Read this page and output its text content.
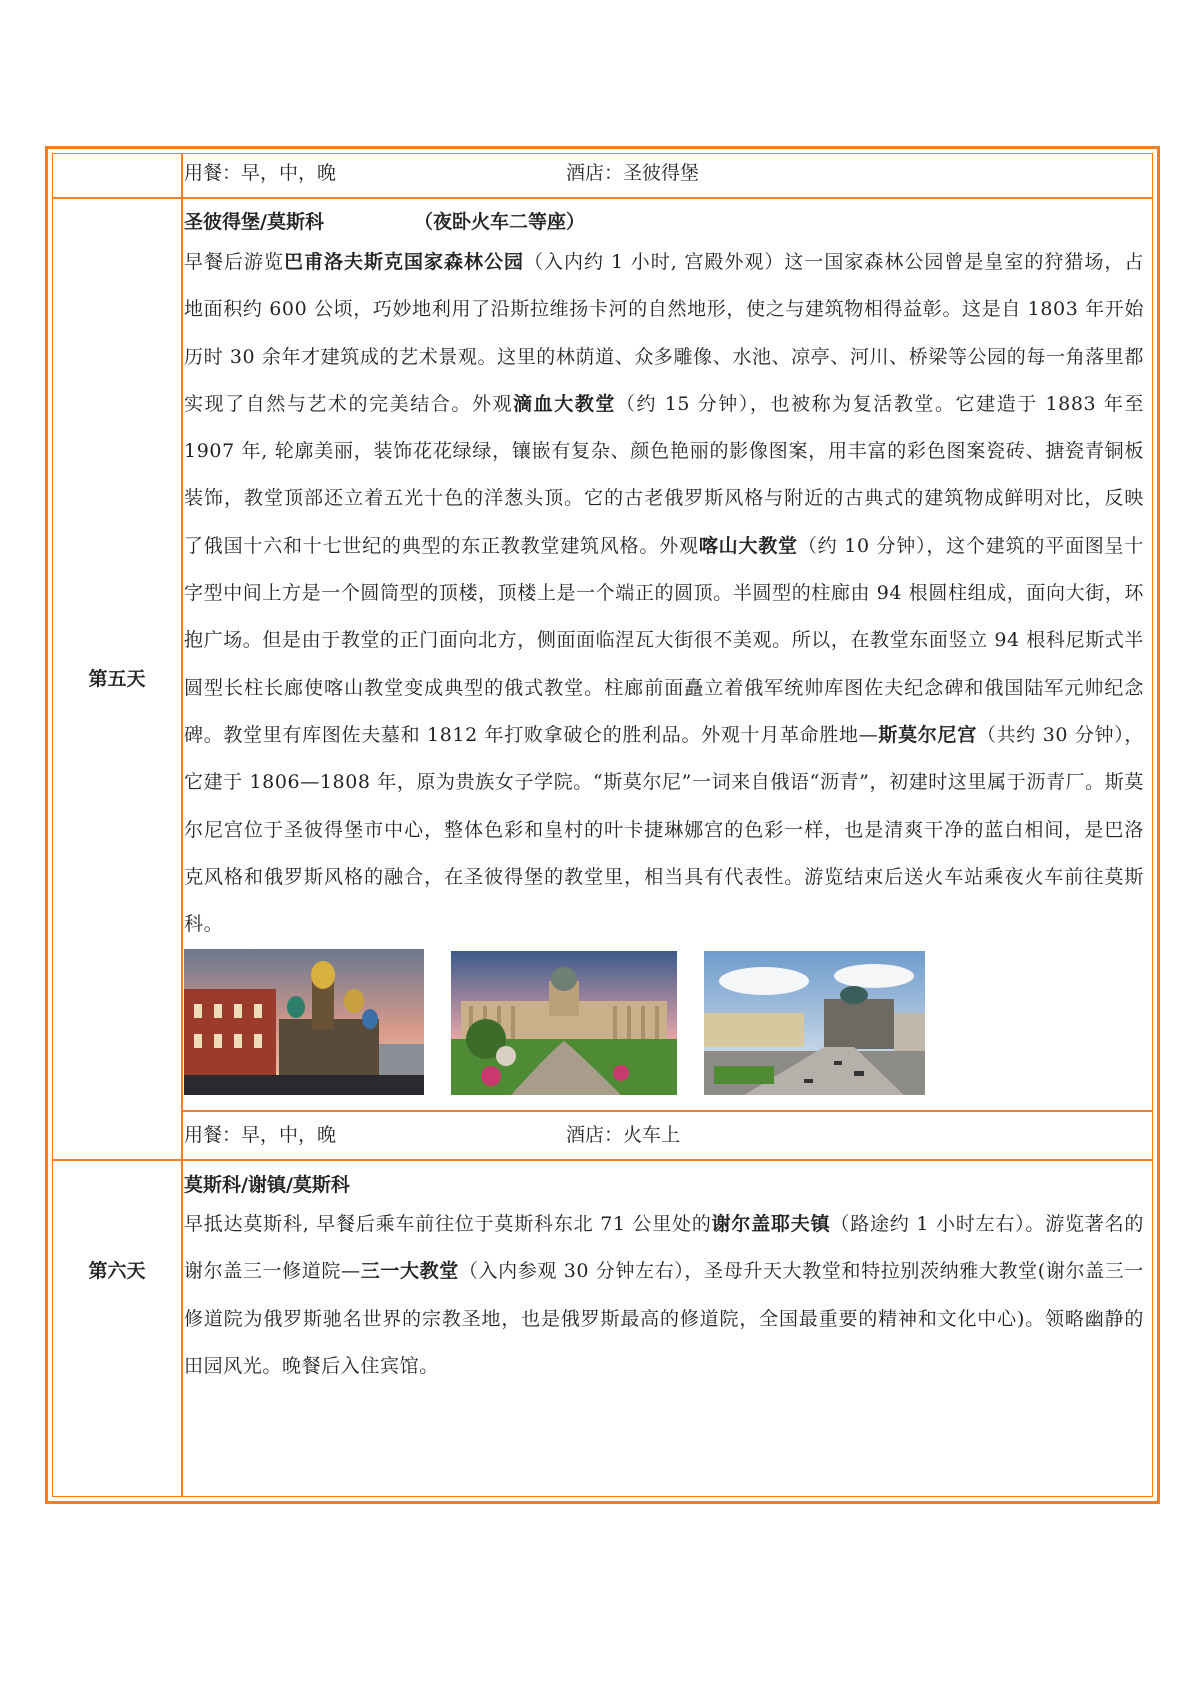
用餐：早，中，晚	酒店：圣彼得堡
第五天
圣彼得堡/莫斯科	（夜卧火车二等座）
早餐后游览巴甫洛夫斯克国家森林公园（入内约 1 小时, 宫殿外观）这一国家森林公园曾是皇室的狩猎场，占地面积约 600 公顷，巧妙地利用了沿斯拉维扬卡河的自然地形，使之与建筑物相得益彰。这是自 1803 年开始历时 30 余年才建筑成的艺术景观。这里的林荫道、众多雕像、水池、凉亭、河川、桥梁等公园的每一角落里都实现了自然与艺术的完美结合。外观滴血大教堂（约 15 分钟），也被称为复活教堂。它建造于 1883 年至 1907 年, 轮廓美丽，装饰花花绿绿，镶嵌有复杂、颜色艳丽的影像图案，用丰富的彩色图案瓷砖、搪瓷青铜板装饰，教堂顶部还立着五光十色的洋葱头顶。它的古老俄罗斯风格与附近的古典式的建筑物成鲜明对比，反映了俄国十六和十七世纪的典型的东正教教堂建筑风格。外观喀山大教堂（约 10 分钟），这个建筑的平面图呈十字型中间上方是一个圆筒型的顶楼，顶楼上是一个端正的圆顶。半圆型的柱廊由 94 根圆柱组成，面向大街，环抱广场。但是由于教堂的正门面向北方，侧面面临涅瓦大街很不美观。所以，在教堂东面竖立 94 根科尼斯式半圆型长柱长廊使喀山教堂变成典型的俄式教堂。柱廊前面矗立着俄军统帅库图佐夫纪念碑和俄国陆军元帅纪念碑。教堂里有库图佐夫墓和 1812 年打败拿破仑的胜利品。外观十月革命胜地—斯莫尔尼宫（共约 30 分钟），它建于 1806—1808 年，原为贵族女子学院。“斯莫尔尼”一词来自俄语“沥青”，初建时这里属于沥青厂。斯莫尔尼宫位于圣彼得堡市中心，整体色彩和皇村的叶卡捷琳娜宫的色彩一样，也是清爽干净的蓝白相间，是巴洛克风格和俄罗斯风格的融合，在圣彼得堡的教堂里，相当具有代表性。游览结束后送火车站乘夜火车前往莫斯科。
用餐：早，中，晚	酒店：火车上
第六天
莫斯科/谢镇/莫斯科
早抵达莫斯科, 早餐后乘车前往位于莫斯科东北 71 公里处的谢尔盖耶夫镇（路途约 1 小时左右）。游览著名的谢尔盖三一修道院—三一大教堂（入内参观 30 分钟左右），圣母升天大教堂和特拉别茨纳雅大教堂(谢尔盖三一修道院为俄罗斯驰名世界的宗教圣地，也是俄罗斯最高的修道院，全国最重要的精神和文化中心)。领略幽静的田园风光。晚餐后入住宾馆。
